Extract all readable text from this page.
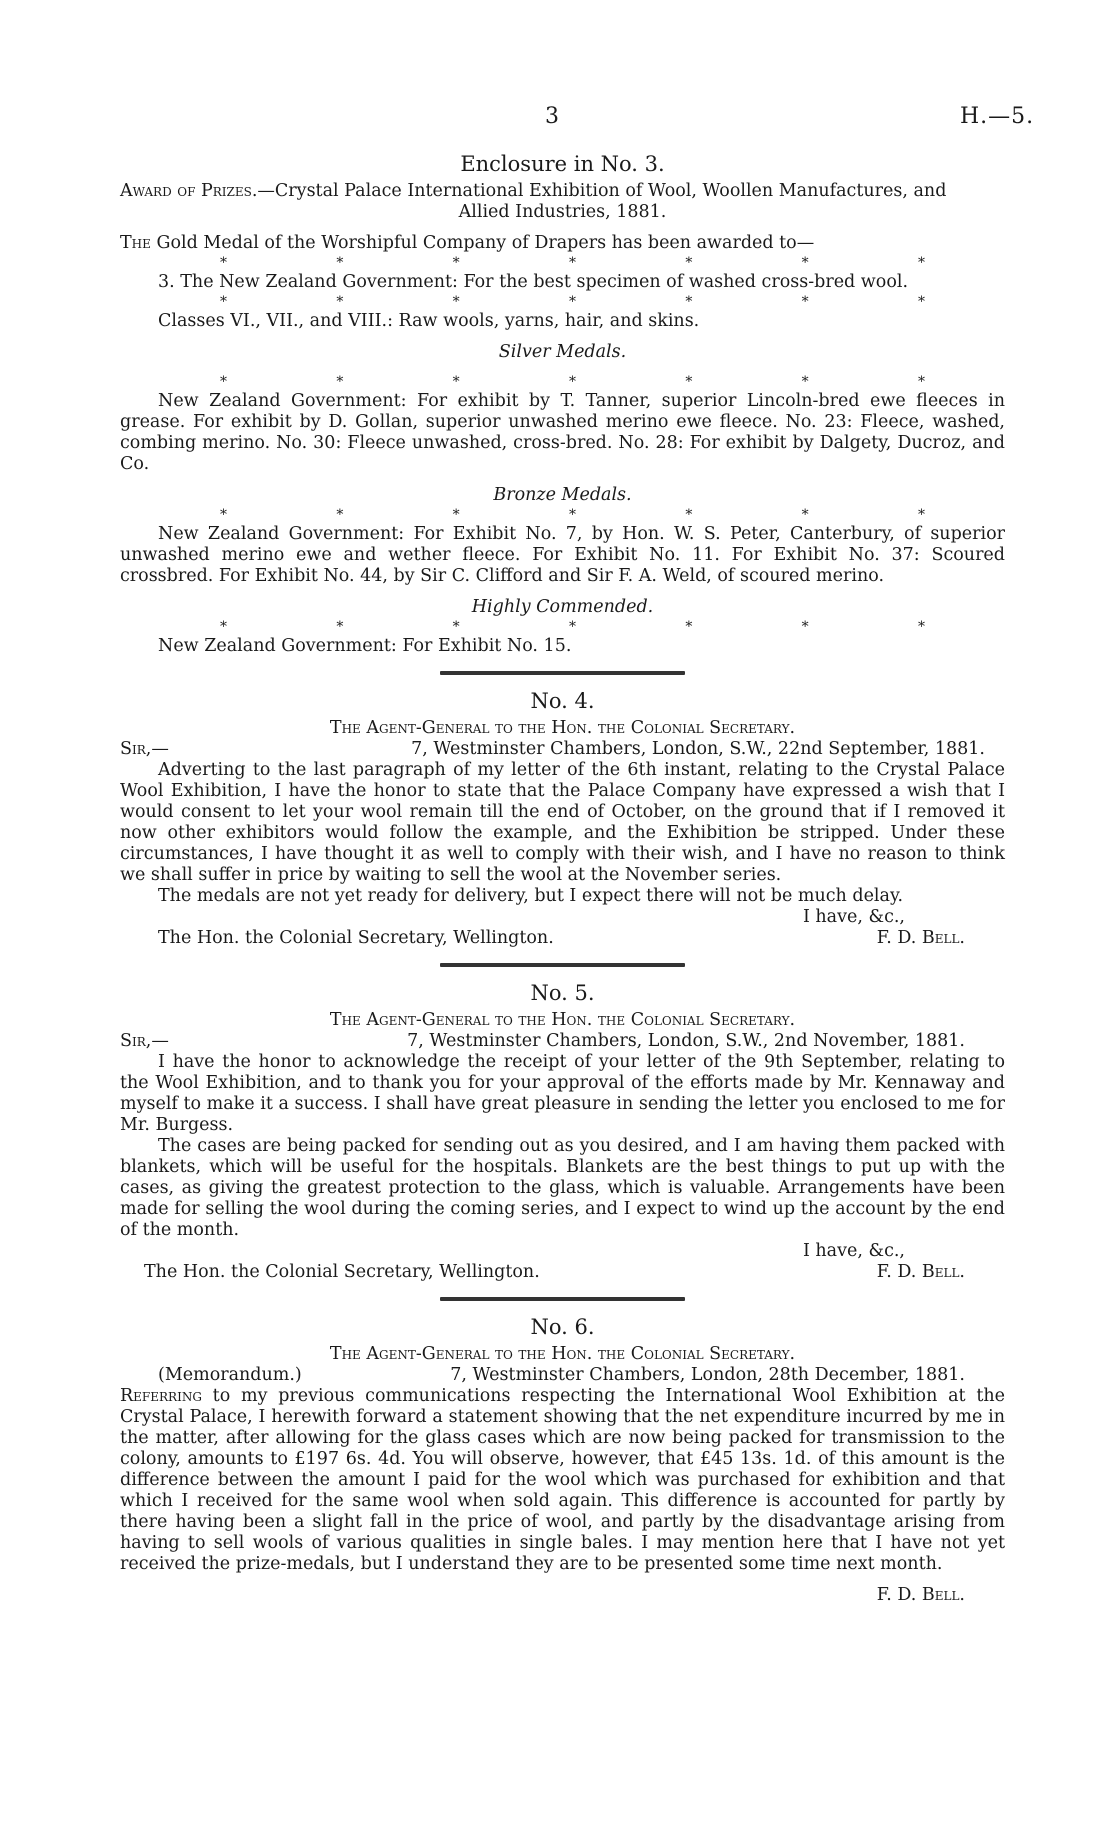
3	H.—5.
Enclosure in No. 3.

Award of Prizes.—Crystal Palace International Exhibition of Wool, Woollen Manufactures, and

Allied Industries, 1881.

The Gold Medal of the Worshipful Company of Drapers has been awarded to—

*	*	*	*	*	*	*

3. The New Zealand Government: For the best specimen of washed cross-bred wool.

*	*	*	*	*	*	*

Classes VI., VII., and VIII.: Raw wools, yarns, hair, and skins.

Silver Medals.
*	*	*	*	*	*	*

New Zealand Government: For exhibit by T. Tanner, superior Lincoln-bred ewe fleeces in grease. For exhibit by D. Gollan, superior unwashed merino ewe fleece. No. 23: Fleece, washed, combing merino. No. 30: Fleece unwashed, cross-bred. No. 28: For exhibit by Dalgety, Ducroz, and Co.

Bronze Medals.
*	*	*	*	*	*	*

New Zealand Government: For Exhibit No. 7, by Hon. W. S. Peter, Canterbury, of superior unwashed merino ewe and wether fleece. For Exhibit No. 11. For Exhibit No. 37: Scoured crossbred. For Exhibit No. 44, by Sir C. Clifford and Sir F. A. Weld, of scoured merino.

Highly Commended.
*	*	*	*	*	*	*

New Zealand Government: For Exhibit No. 15.

No. 4.
The Agent-General to the Hon. the Colonial Secretary.
Sir,—	7, Westminster Chambers, London, S.W., 22nd September, 1881.

Adverting to the last paragraph of my letter of the 6th instant, relating to the Crystal Palace Wool Exhibition, I have the honor to state that the Palace Company have expressed a wish that I would consent to let your wool remain till the end of October, on the ground that if I removed it now other exhibitors would follow the example, and the Exhibition be stripped. Under these circumstances, I have thought it as well to comply with their wish, and I have no reason to think we shall suffer in price by waiting to sell the wool at the November series.

The medals are not yet ready for delivery, but I expect there will not be much delay.

I have, &c.,
The Hon. the Colonial Secretary, Wellington.	F. D. Bell.
No. 5.
The Agent-General to the Hon. the Colonial Secretary.
Sir,—	7, Westminster Chambers, London, S.W., 2nd November, 1881.

I have the honor to acknowledge the receipt of your letter of the 9th September, relating to the Wool Exhibition, and to thank you for your approval of the efforts made by Mr. Kennaway and myself to make it a success. I shall have great pleasure in sending the letter you enclosed to me for Mr. Burgess.

The cases are being packed for sending out as you desired, and I am having them packed with blankets, which will be useful for the hospitals. Blankets are the best things to put up with the cases, as giving the greatest protection to the glass, which is valuable. Arrangements have been made for selling the wool during the coming series, and I expect to wind up the account by the end of the month.

I have, &c.,
The Hon. the Colonial Secretary, Wellington.	F. D. Bell.
No. 6.
The Agent-General to the Hon. the Colonial Secretary.
(Memorandum.)	7, Westminster Chambers, London, 28th December, 1881.

Referring to my previous communications respecting the International Wool Exhibition at the Crystal Palace, I herewith forward a statement showing that the net expenditure incurred by me in the matter, after allowing for the glass cases which are now being packed for transmission to the colony, amounts to £197 6s. 4d. You will observe, however, that £45 13s. 1d. of this amount is the difference between the amount I paid for the wool which was purchased for exhibition and that which I received for the same wool when sold again. This difference is accounted for partly by there having been a slight fall in the price of wool, and partly by the disadvantage arising from having to sell wools of various qualities in single bales. I may mention here that I have not yet received the prize-medals, but I understand they are to be presented some time next month.

F. D. Bell.
